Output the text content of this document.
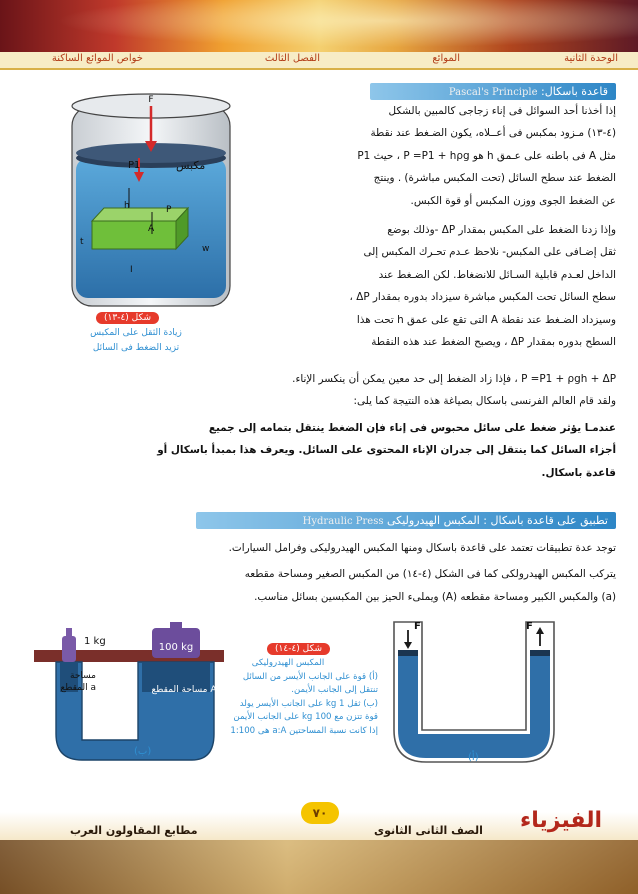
الوحدة الثانية
الموائع
الفصل الثالث
خواص الموائع الساكنة
قاعدة باسكال: Pascal's Principle
F
P1	مكبس
h	P
A
t
w
I
شكل (٤-١٣)
زيادة الثقل على المكبس
تزيد الضغط فى السائل

إذا أخذنا أحد السوائل فى إناء زجاجى كالمبين بالشكل

(٤-١٣) مـزود بمكبس فى أعــلاه، يكون الضـغط عند نقطة

مثل A فى باطنه على عـمق h هو P =P1 + hρg ، حيث P1

الضغط عند سطح السائل (تحت المكبس مباشرة) . وينتج

عن الضغط الجوى ووزن المكبس أو قوة الكبس.

وإذا زدنا الضغط على المكبس بمقدار ΔP -وذلك بوضع

ثقل إضـافى على المكبس- نلاحظ عـدم تحـرك المكبس إلى

الداخل لعـدم قابلية السـائل للانضغاط. لكن الضـغط عند

سطح السائل تحت المكبس مباشرة سيزداد بدوره بمقدار ΔP ،

وسيزداد الضـغط عند نقطة A التى تقع على عمق h تحت هذا

السطح بدوره بمقدار ΔP ، ويصبح الضغط عند هذه النقطة

P =P1 + ρgh + ΔP ، فإذا زاد الضغط إلى حد معين يمكن أن ينكسر الإناء.

ولقد قام العالم الفرنسى باسكال بصياغة هذه النتيجة كما يلى:

عندمـا يؤثر ضغط على سائل محبوس فى إناء فإن الضغط ينتقل بتمامه إلى جميع

أجزاء السائل كما ينتقل إلى جدران الإناء المحتوى على السائل. ويعرف هذا بمبدأ باسكال أو

قاعدة باسكال.

تطبيق على قاعدة باسكال : المكبس الهيدروليكى Hydraulic Press

توجد عدة تطبيقات تعتمد على قاعدة باسكال ومنها المكبس الهيدروليكى وفرامل السيارات.

يتركب المكبس الهيدرولكى كما فى الشكل (٤-١٤) من المكبس الصغير ومساحة مقطعه

(a) والمكبس الكبير ومساحة مقطعه (A) ويملىء الحيز بين المكبسين بسائل مناسب.

1 kg
100 kg
مساحة
المقطع a	مساحة المقطع A
(ب)
شكل (٤-١٤)
المكبس الهيدروليكى
(أ) قوة على الجانب الأيسر من السائل
تنتقل إلى الجانب الأيمن.
(ب) ثقل 1 kg على الجانب الأيسر يولد
قوة تتزن مع 100 kg على الجانب الأيمن
إذا كانت نسبة المساحتين a:A هى 1:100
F	F
(أ)
٧٠	الفيزياء
الصف الثانى الثانوى
مطابع المقاولون العرب
